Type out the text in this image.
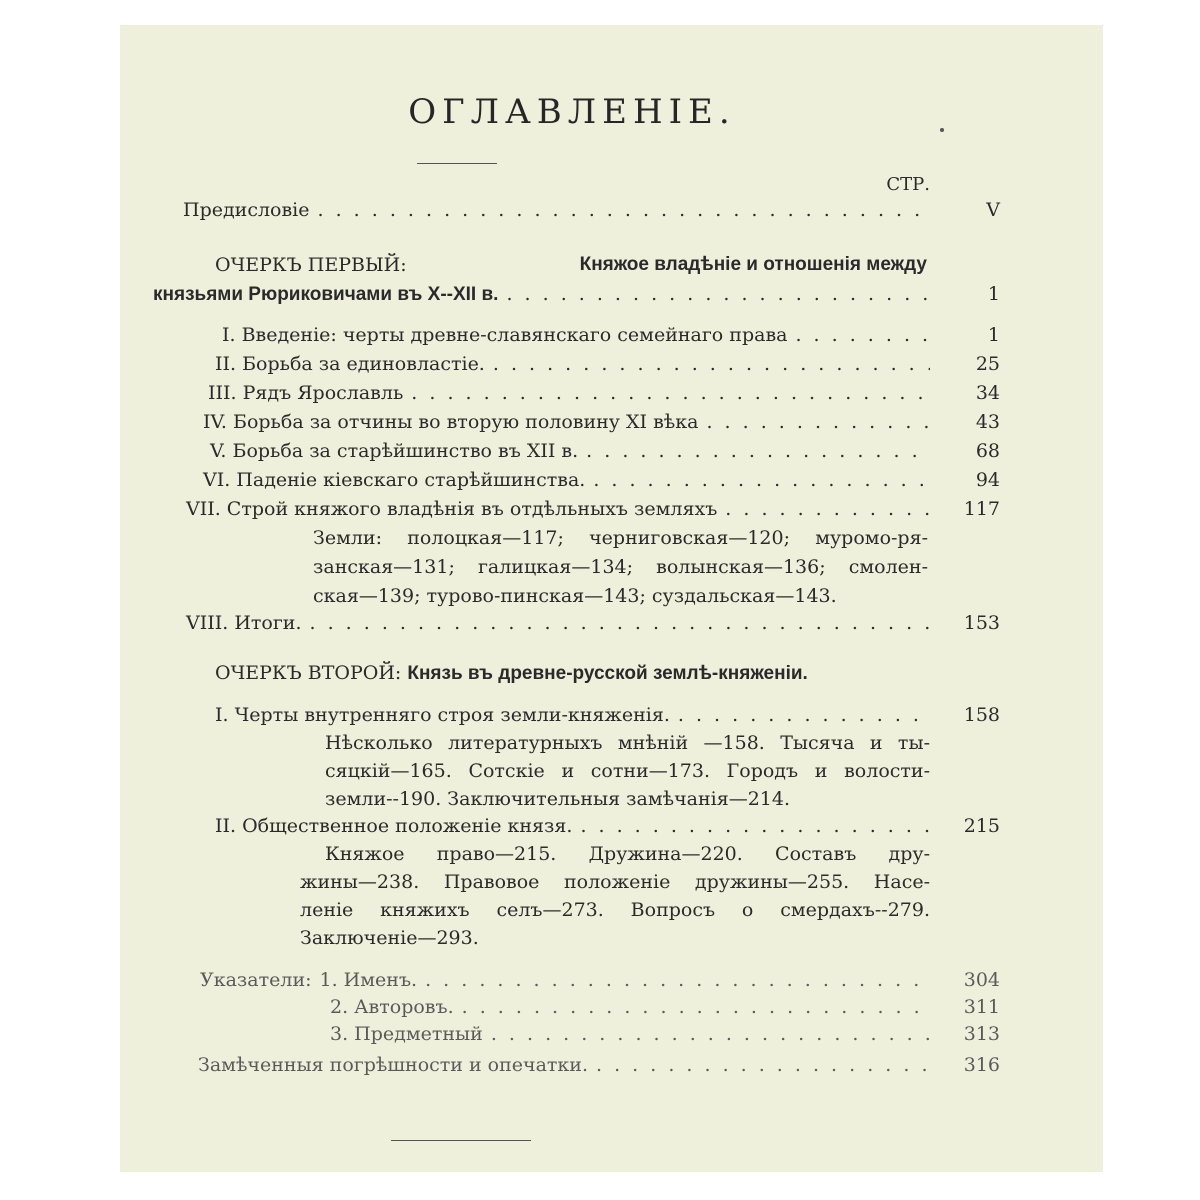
ОГЛАВЛЕНІЕ.
СТР.
Предисловіе . . .	V
ОЧЕРКЪ ПЕРВЫЙ:	Княжое владѣніе и отношенія между
князьями Рюриковичами въ X--XII в. . . .	1
I. Введеніе: черты древне-славянскаго семейнаго права . . .	1
II. Борьба за единовластіе. . . .	25
III. Рядъ Ярославль . . .	34
IV. Борьба за отчины во вторую половину XI вѣка . . .	43
V. Борьба за старѣйшинство въ XII в. . . .	68
VI. Паденіе кіевскаго старѣйшинства. . . .	94
VII. Строй княжого владѣнія въ отдѣльныхъ земляхъ . . .	117
Земли: полоцкая—117; черниговская—120; муромо-ря-
занская—131; галицкая—134; волынская—136; смолен-
ская—139; турово-пинская—143; суздальская—143.
VIII. Итоги. . . .	153
ОЧЕРКЪ ВТОРОЙ: Князь въ древне-русской землѣ-княженіи.
I. Черты внутренняго строя земли-княженія. . . .	158
Нѣсколько литературныхъ мнѣній —158. Тысяча и ты-
сяцкій—165. Сотскіе и сотни—173. Городъ и волости-
земли--190. Заключительныя замѣчанія—214.
II. Общественное положеніе князя. . . .	215
Княжое право—215. Дружина—220. Составъ дру-
жины—238. Правовое положеніе дружины—255. Насе-
леніе княжихъ селъ—273. Вопросъ о смердахъ--279.
Заключеніе—293.
Указатели: 1. Именъ. . . .	304
2. Авторовъ. . . .	311
3. Предметный . . .	313
Замѣченныя погрѣшности и опечатки. . . .	316
